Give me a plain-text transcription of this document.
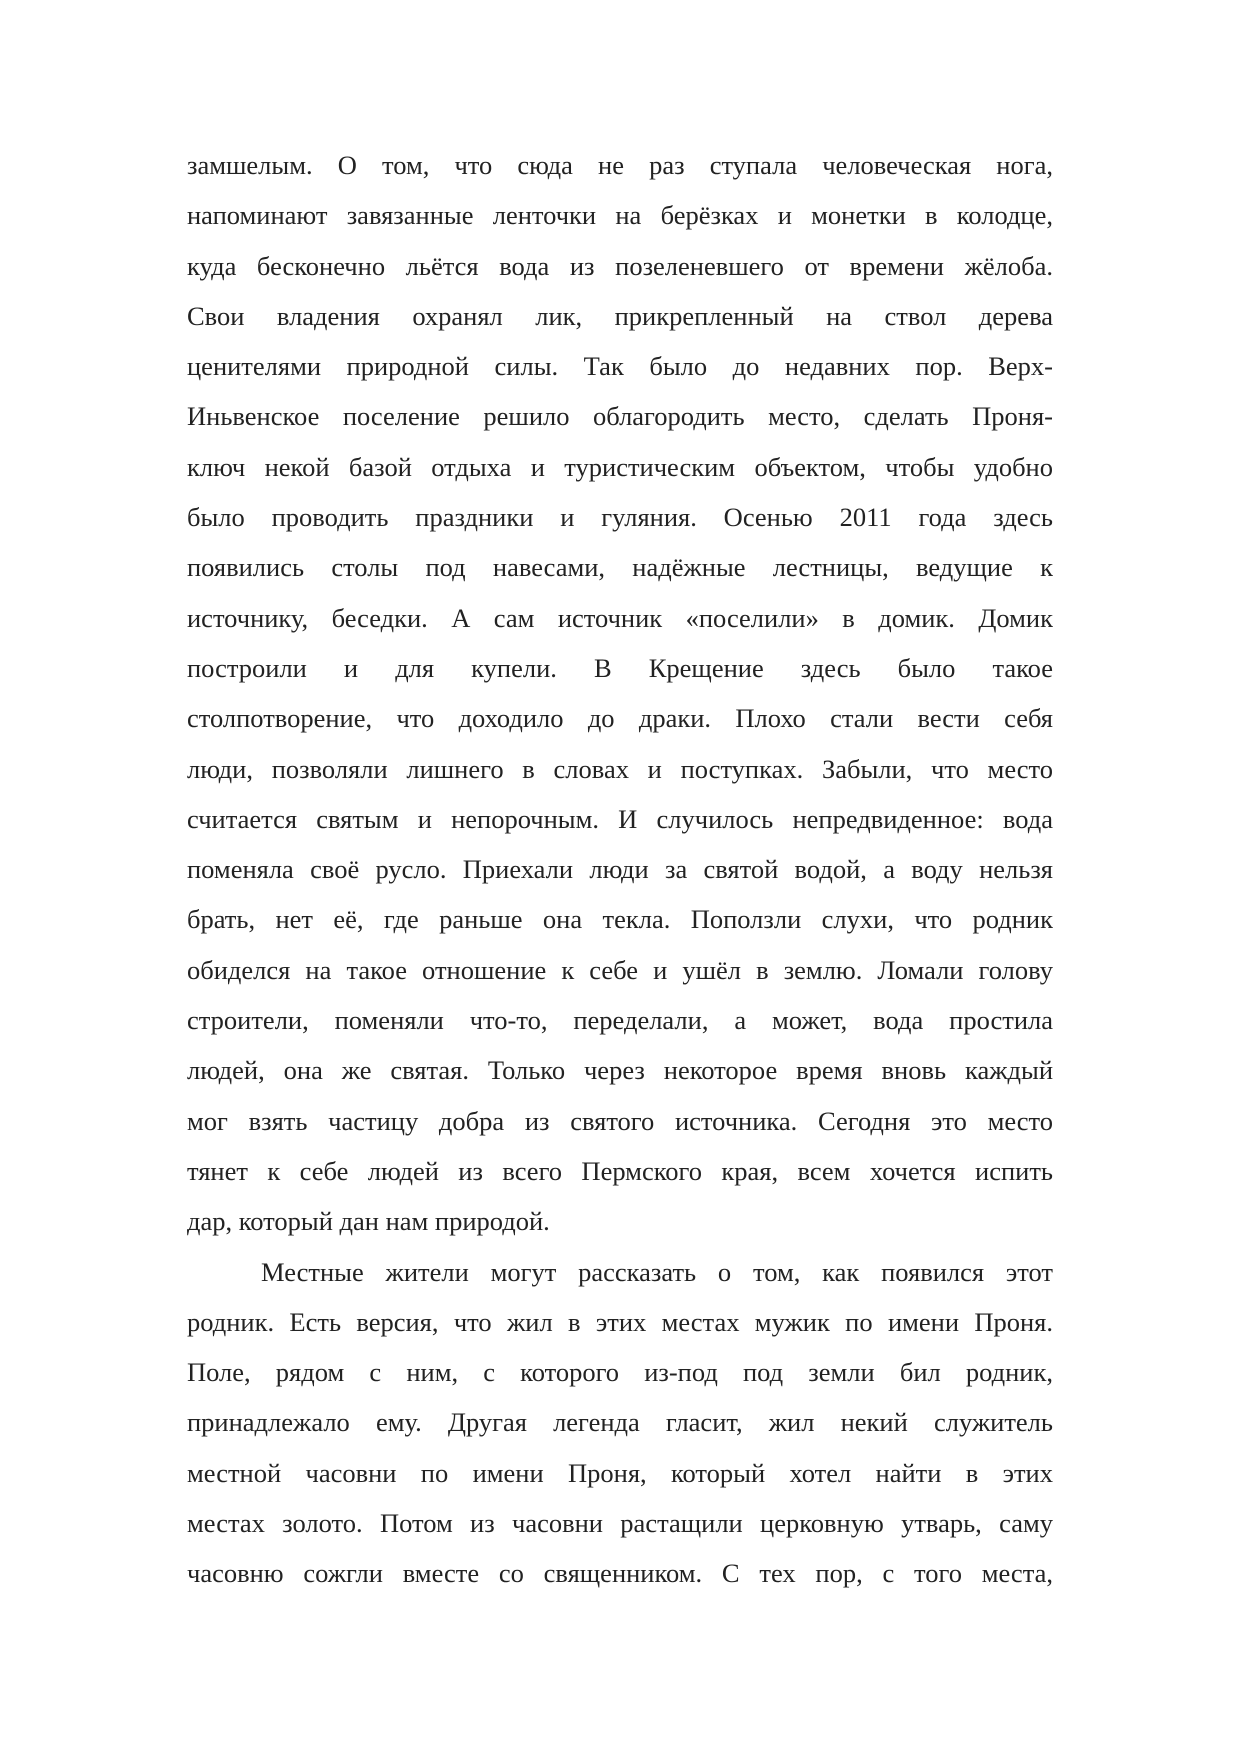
замшелым. О том, что сюда не раз ступала человеческая нога,
напоминают завязанные ленточки на берёзках и монетки в колодце,
куда бесконечно льётся вода из позеленевшего от времени жёлоба.
Свои владения охранял лик, прикрепленный на ствол дерева
ценителями природной силы. Так было до недавних пор. Верх-
Иньвенское поселение решило облагородить место, сделать Проня-
ключ некой базой отдыха и туристическим объектом, чтобы удобно
было проводить праздники и гуляния. Осенью 2011 года здесь
появились столы под навесами, надёжные лестницы, ведущие к
источнику, беседки. А сам источник «поселили» в домик. Домик
построили и для купели. В Крещение здесь было такое
столпотворение, что доходило до драки. Плохо стали вести себя
люди, позволяли лишнего в словах и поступках. Забыли, что место
считается святым и непорочным. И случилось непредвиденное: вода
поменяла своё русло. Приехали люди за святой водой, а воду нельзя
брать, нет её, где раньше она текла. Поползли слухи, что родник
обиделся на такое отношение к себе и ушёл в землю. Ломали голову
строители, поменяли что-то, переделали, а может, вода простила
людей, она же святая. Только через некоторое время вновь каждый
мог взять частицу добра из святого источника. Сегодня это место
тянет к себе людей из всего Пермского края, всем хочется испить
дар, который дан нам природой.
Местные жители могут рассказать о том, как появился этот
родник. Есть версия, что жил в этих местах мужик по имени Проня.
Поле, рядом с ним, с которого из-под под земли бил родник,
принадлежало ему. Другая легенда гласит, жил некий служитель
местной часовни по имени Проня, который хотел найти в этих
местах золото. Потом из часовни растащили церковную утварь, саму
часовню сожгли вместе со священником. С тех пор, с того места,
